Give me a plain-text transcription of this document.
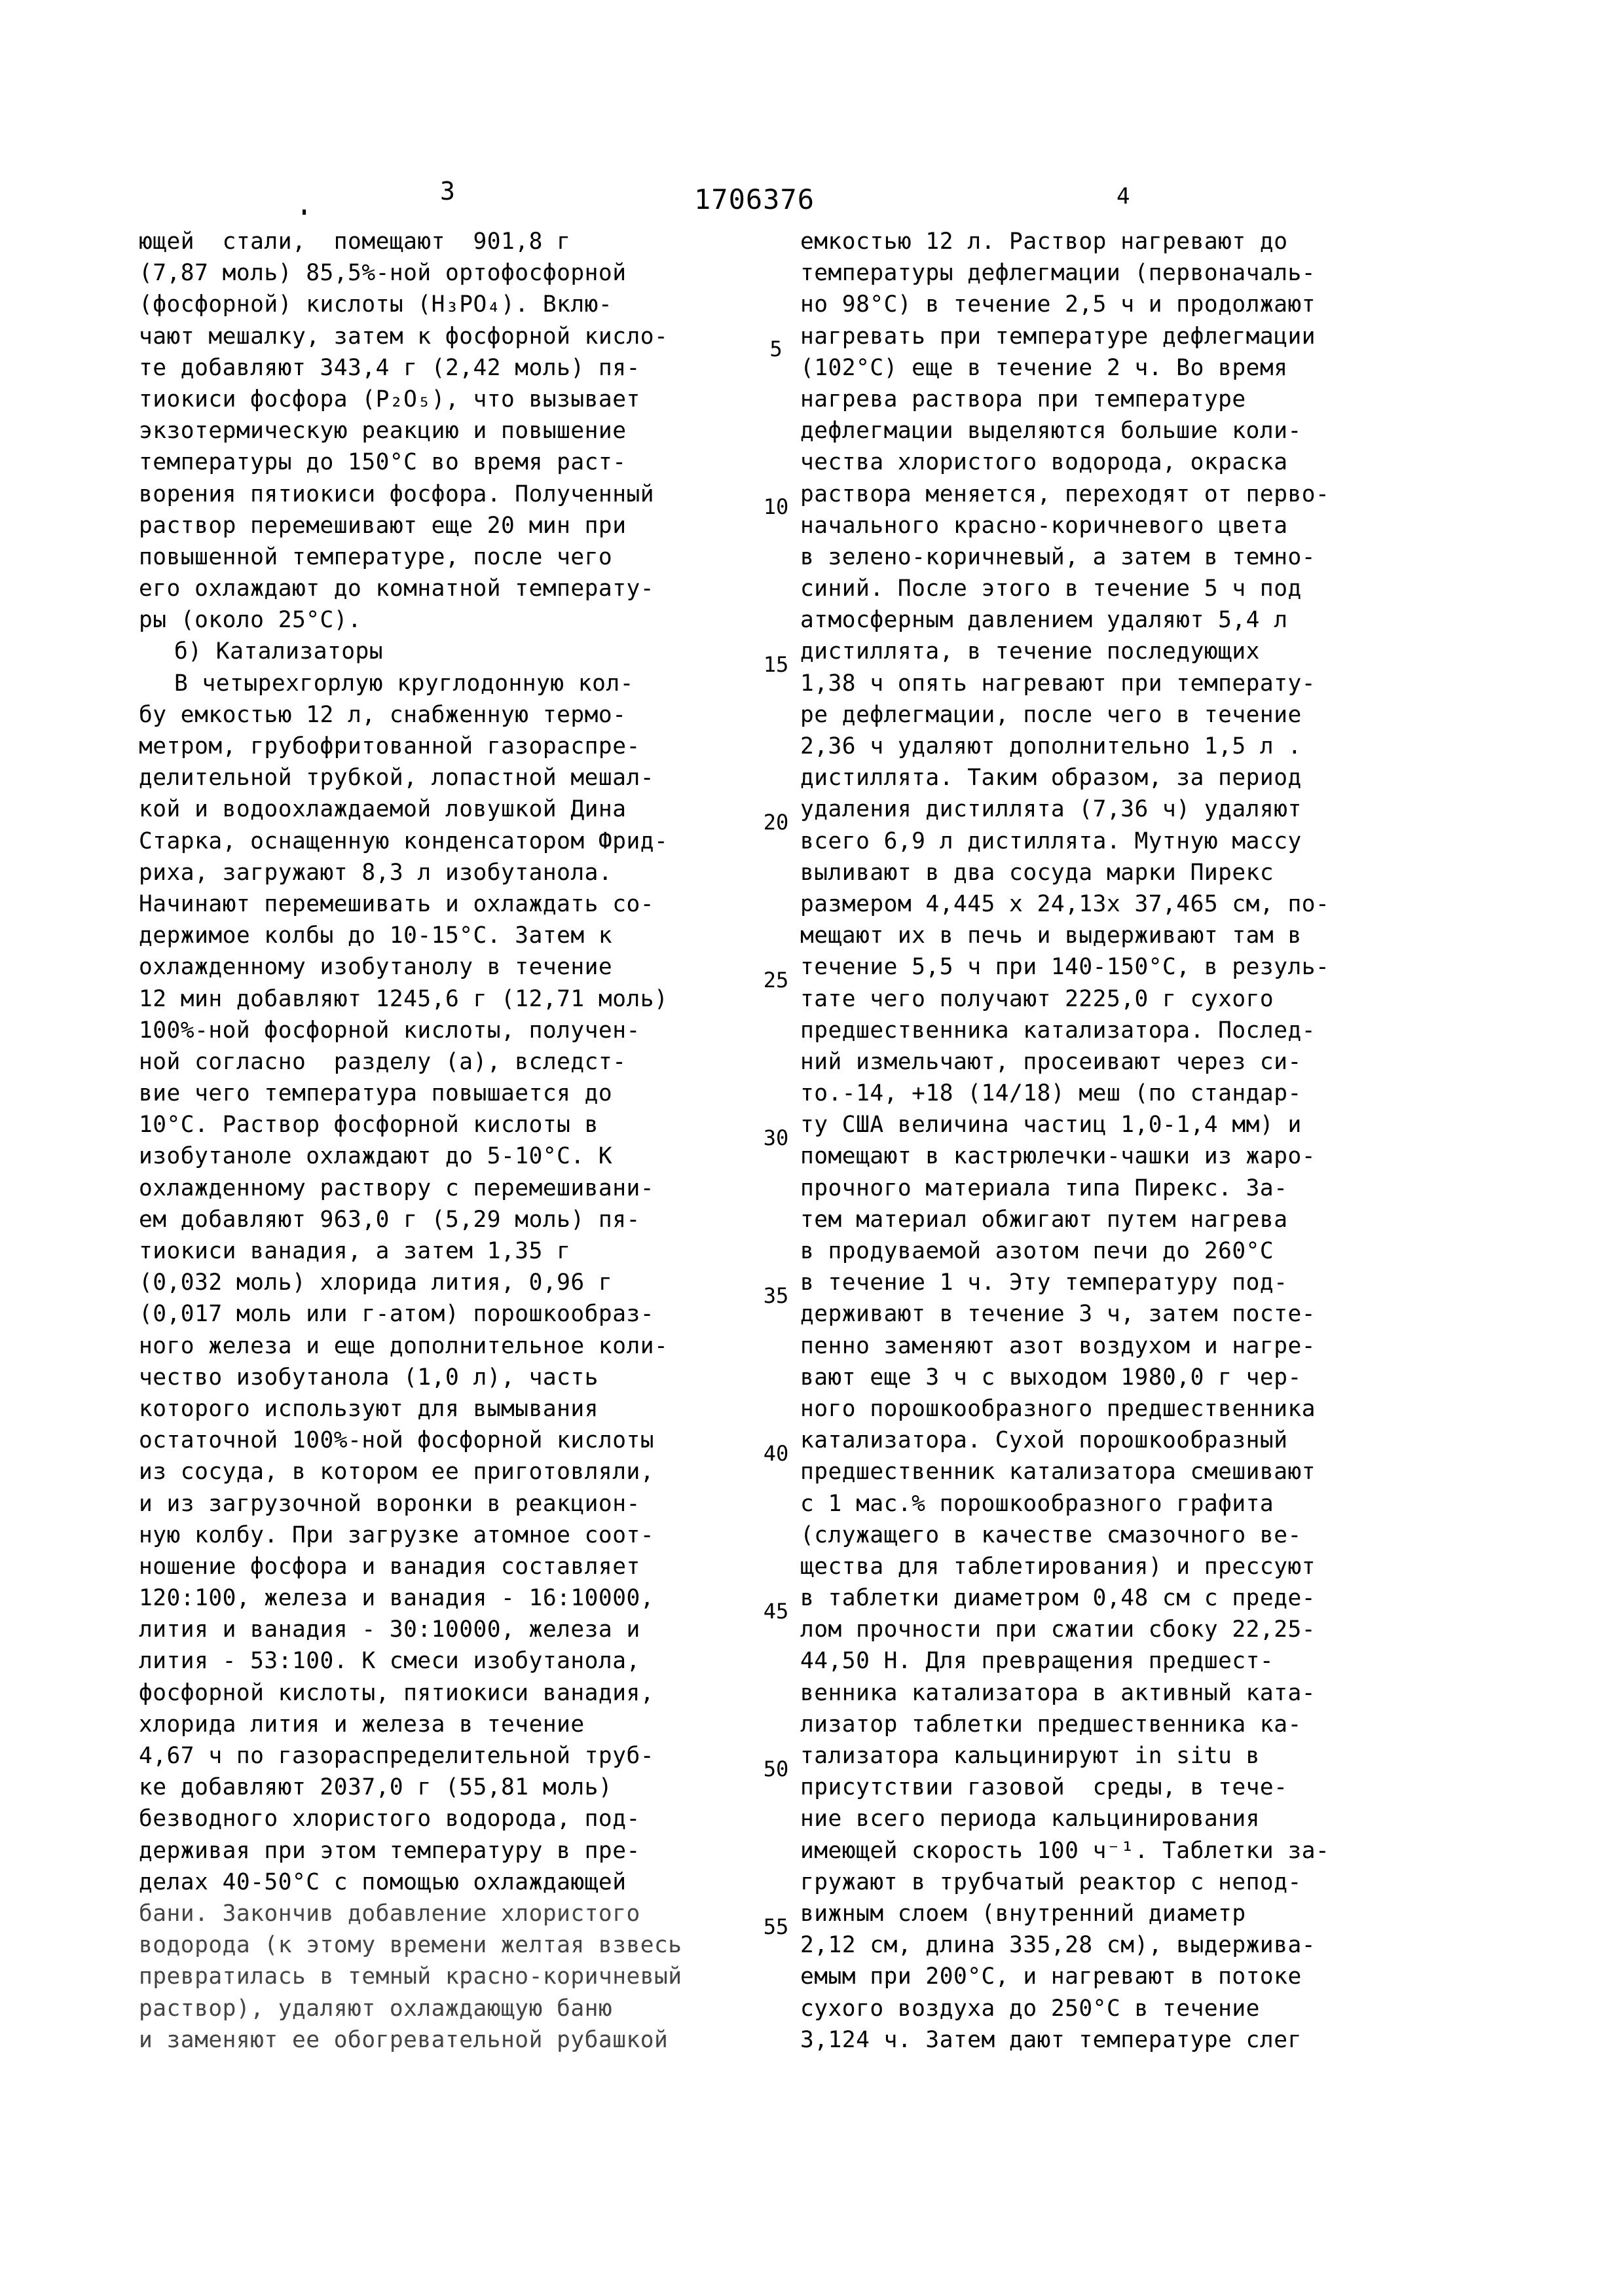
3	1706376	4
ющей  стали,  помещают  901,8 г
(7,87 моль) 85,5%-ной ортофосфорной
(фосфорной) кислоты (H₃PO₄). Вклю-
чают мешалку, затем к фосфорной кисло-
те добавляют 343,4 г (2,42 моль) пя-
тиокиси фосфора (P₂O₅), что вызывает
экзотермическую реакцию и повышение
температуры до 150°С во время раст-
ворения пятиокиси фосфора. Полученный
раствор перемешивают еще 20 мин при
повышенной температуре, после чего
его охлаждают до комнатной температу-
ры (около 25°С).
б) Катализаторы
В четырехгорлую круглодонную кол-
бу емкостью 12 л, снабженную термо-
метром, грубофритованной газораспре-
делительной трубкой, лопастной мешал-
кой и водоохлаждаемой ловушкой Дина
Старка, оснащенную конденсатором Фрид-
риха, загружают 8,3 л изобутанола.
Начинают перемешивать и охлаждать со-
держимое колбы до 10-15°С. Затем к
охлажденному изобутанолу в течение
12 мин добавляют 1245,6 г (12,71 моль)
100%-ной фосфорной кислоты, получен-
ной согласно  разделу (а), вследст-
вие чего температура повышается до
10°С. Раствор фосфорной кислоты в
изобутаноле охлаждают до 5-10°С. К
охлажденному раствору с перемешивани-
ем добавляют 963,0 г (5,29 моль) пя-
тиокиси ванадия, а затем 1,35 г
(0,032 моль) хлорида лития, 0,96 г
(0,017 моль или г-атом) порошкообраз-
ного железа и еще дополнительное коли-
чество изобутанола (1,0 л), часть
которого используют для вымывания
остаточной 100%-ной фосфорной кислоты
из сосуда, в котором ее приготовляли,
и из загрузочной воронки в реакцион-
ную колбу. При загрузке атомное соот-
ношение фосфора и ванадия составляет
120:100, железа и ванадия - 16:10000,
лития и ванадия - 30:10000, железа и
лития - 53:100. К смеси изобутанола,
фосфорной кислоты, пятиокиси ванадия,
хлорида лития и железа в течение
4,67 ч по газораспределительной труб-
ке добавляют 2037,0 г (55,81 моль)
безводного хлористого водорода, под-
держивая при этом температуру в пре-
делах 40-50°С с помощью охлаждающей
бани. Закончив добавление хлористого
водорода (к этому времени желтая взвесь
превратилась в темный красно-коричневый
раствор), удаляют охлаждающую баню
и заменяют ее обогревательной рубашкой
5
10
15
20
25
30
35
40
45
50
55
емкостью 12 л. Раствор нагревают до
температуры дефлегмации (первоначаль-
но 98°С) в течение 2,5 ч и продолжают
нагревать при температуре дефлегмации
(102°С) еще в течение 2 ч. Во время
нагрева раствора при температуре
дефлегмации выделяются большие коли-
чества хлористого водорода, окраска
раствора меняется, переходят от перво-
начального красно-коричневого цвета
в зелено-коричневый, а затем в темно-
синий. После этого в течение 5 ч под
атмосферным давлением удаляют 5,4 л
дистиллята, в течение последующих
1,38 ч опять нагревают при температу-
ре дефлегмации, после чего в течение
2,36 ч удаляют дополнительно 1,5 л .
дистиллята. Таким образом, за период
удаления дистиллята (7,36 ч) удаляют
всего 6,9 л дистиллята. Мутную массу
выливают в два сосуда марки Пирекс
размером 4,445 x 24,13x 37,465 см, по-
мещают их в печь и выдерживают там в
течение 5,5 ч при 140-150°С, в резуль-
тате чего получают 2225,0 г сухого
предшественника катализатора. Послед-
ний измельчают, просеивают через си-
то.-14, +18 (14/18) меш (по стандар-
ту США величина частиц 1,0-1,4 мм) и
помещают в кастрюлечки-чашки из жаро-
прочного материала типа Пирекс. За-
тем материал обжигают путем нагрева
в продуваемой азотом печи до 260°С
в течение 1 ч. Эту температуру под-
держивают в течение 3 ч, затем посте-
пенно заменяют азот воздухом и нагре-
вают еще 3 ч с выходом 1980,0 г чер-
ного порошкообразного предшественника
катализатора. Сухой порошкообразный
предшественник катализатора смешивают
с 1 мас.% порошкообразного графита
(служащего в качестве смазочного ве-
щества для таблетирования) и прессуют
в таблетки диаметром 0,48 см с преде-
лом прочности при сжатии сбоку 22,25-
44,50 Н. Для превращения предшест-
венника катализатора в активный ката-
лизатор таблетки предшественника ка-
тализатора кальцинируют in situ в
присутствии газовой  среды, в тече-
ние всего периода кальцинирования
имеющей скорость 100 ч⁻¹. Таблетки за-
гружают в трубчатый реактор с непод-
вижным слоем (внутренний диаметр
2,12 см, длина 335,28 см), выдержива-
емым при 200°С, и нагревают в потоке
сухого воздуха до 250°С в течение
3,124 ч. Затем дают температуре слег
